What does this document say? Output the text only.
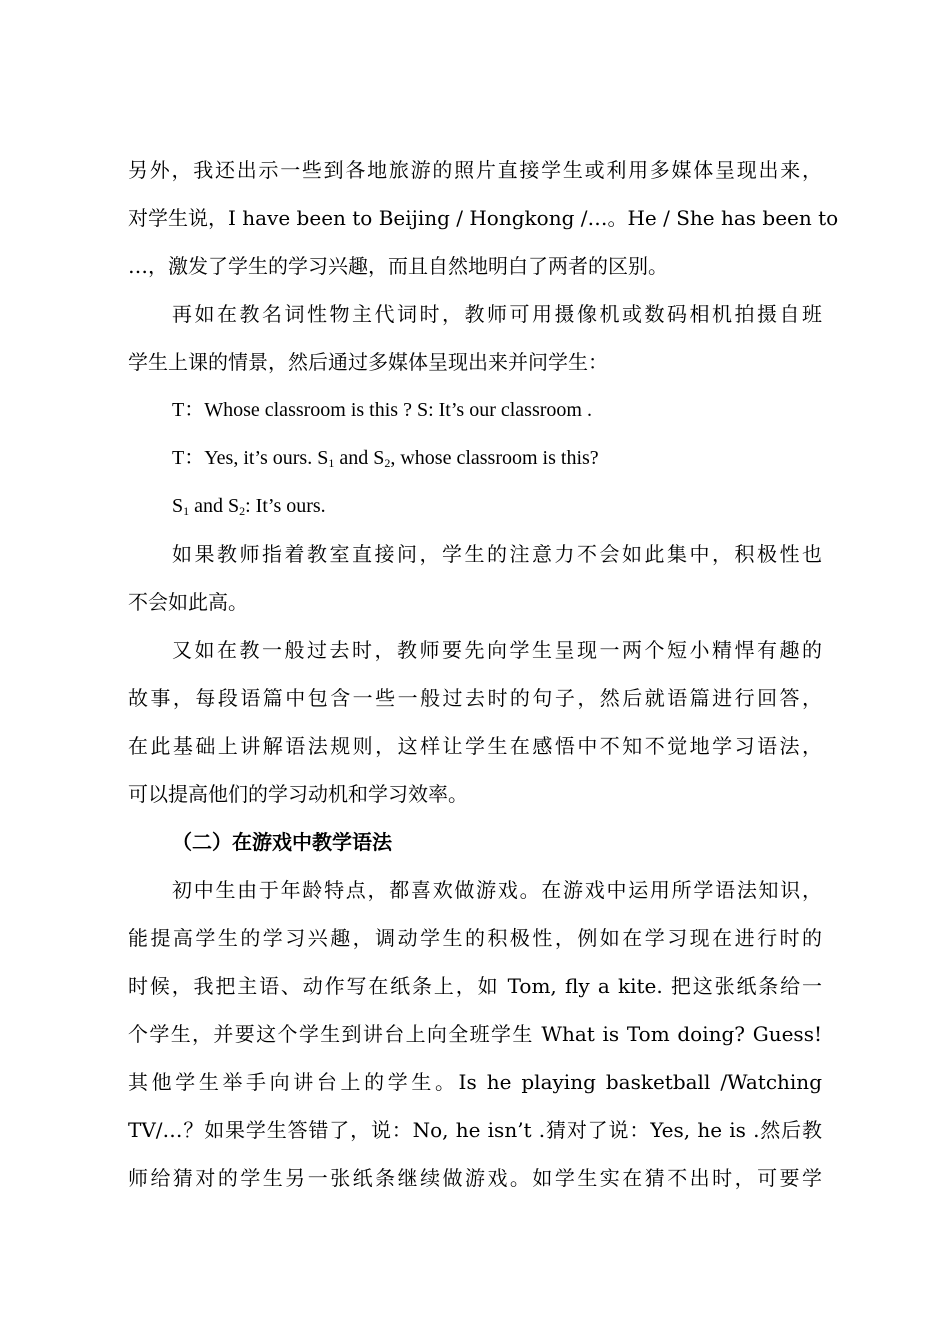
另外，我还出示一些到各地旅游的照片直接学生或利用多媒体呈现出来，
对学生说，I have been to Beijing / Hongkong /…。He / She has been to
…，激发了学生的学习兴趣，而且自然地明白了两者的区别。
再如在教名词性物主代词时，教师可用摄像机或数码相机拍摄自班
学生上课的情景，然后通过多媒体呈现出来并问学生：
T：Whose classroom is this ? S: It’s our classroom .
T：Yes, it’s ours. $S_1$ and $S_2$, whose classroom is this?
$S_1$ and $S_2$: It’s ours.
如果教师指着教室直接问，学生的注意力不会如此集中，积极性也
不会如此高。
又如在教一般过去时，教师要先向学生呈现一两个短小精悍有趣的
故事，每段语篇中包含一些一般过去时的句子，然后就语篇进行回答，
在此基础上讲解语法规则，这样让学生在感悟中不知不觉地学习语法，
可以提高他们的学习动机和学习效率。
（二）在游戏中教学语法
初中生由于年龄特点，都喜欢做游戏。在游戏中运用所学语法知识，
能提高学生的学习兴趣，调动学生的积极性，例如在学习现在进行时的
时候，我把主语、动作写在纸条上，如 Tom, fly a kite. 把这张纸条给一
个学生，并要这个学生到讲台上向全班学生 What is Tom doing? Guess!
其他学生举手向讲台上的学生。Is he playing basketball /Watching
TV/…？如果学生答错了，说：No, he isn’t .猜对了说：Yes, he is .然后教
师给猜对的学生另一张纸条继续做游戏。如学生实在猜不出时，可要学
